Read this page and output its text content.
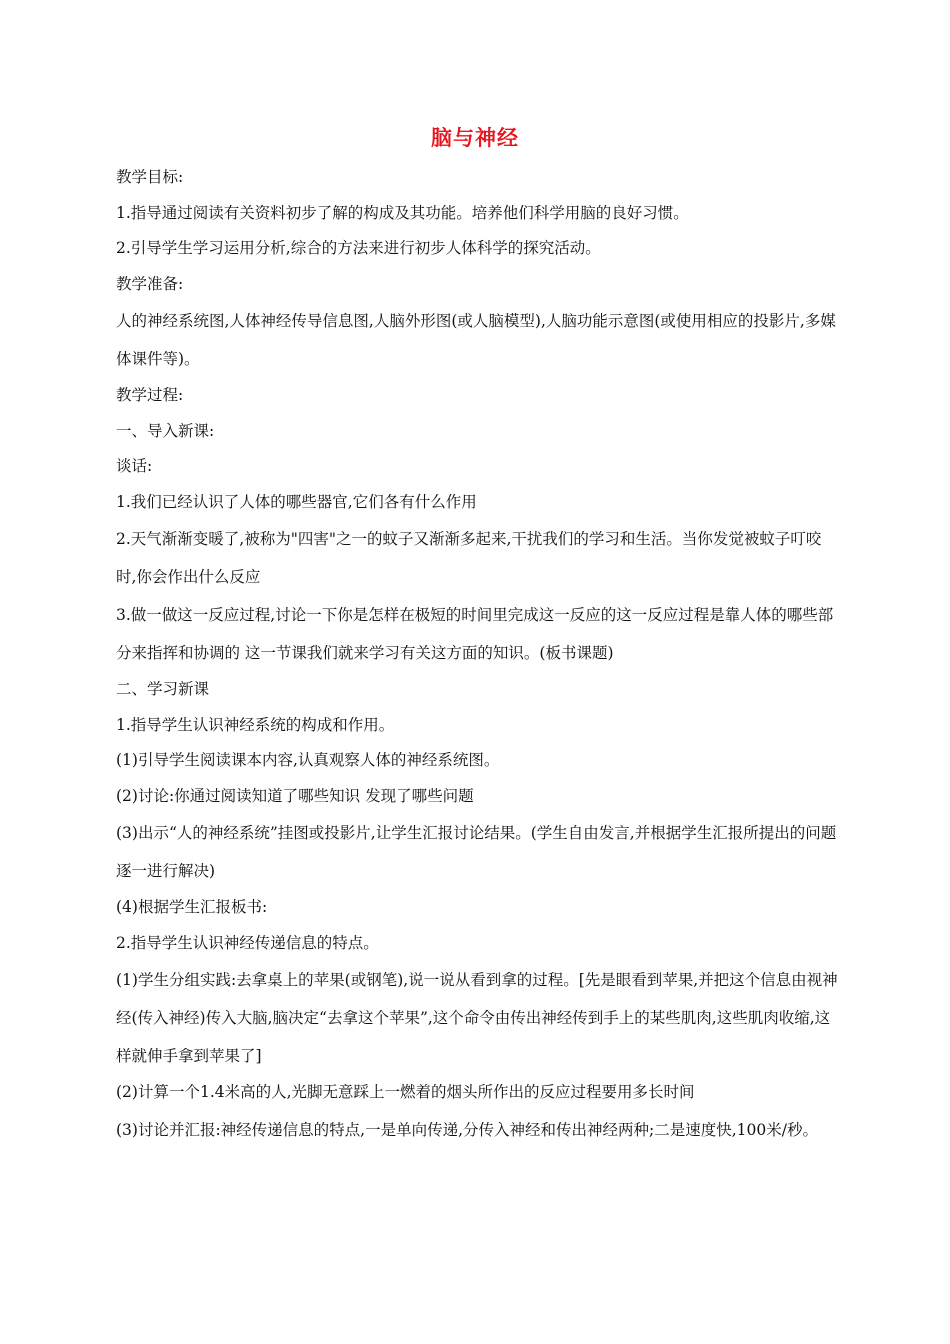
脑与神经

教学目标:

1.指导通过阅读有关资料初步了解的构成及其功能。培养他们科学用脑的良好习惯。

2.引导学生学习运用分析,综合的方法来进行初步人体科学的探究活动。

教学准备:

人的神经系统图,人体神经传导信息图,人脑外形图(或人脑模型),人脑功能示意图(或使用相应的投影片,多媒体课件等)。

教学过程:

一、导入新课:

谈话:

1.我们已经认识了人体的哪些器官,它们各有什么作用

2.天气渐渐变暖了,被称为"四害"之一的蚊子又渐渐多起来,干扰我们的学习和生活。当你发觉被蚊子叮咬时,你会作出什么反应

3.做一做这一反应过程,讨论一下你是怎样在极短的时间里完成这一反应的这一反应过程是靠人体的哪些部分来指挥和协调的 这一节课我们就来学习有关这方面的知识。(板书课题)

二、学习新课

1.指导学生认识神经系统的构成和作用。

(1)引导学生阅读课本内容,认真观察人体的神经系统图。

(2)讨论:你通过阅读知道了哪些知识 发现了哪些问题

(3)出示“人的神经系统”挂图或投影片,让学生汇报讨论结果。(学生自由发言,并根据学生汇报所提出的问题逐一进行解决)

(4)根据学生汇报板书:

2.指导学生认识神经传递信息的特点。

(1)学生分组实践:去拿桌上的苹果(或钢笔),说一说从看到拿的过程。[先是眼看到苹果,并把这个信息由视神经(传入神经)传入大脑,脑决定“去拿这个苹果”,这个命令由传出神经传到手上的某些肌肉,这些肌肉收缩,这样就伸手拿到苹果了]

(2)计算一个1.4米高的人,光脚无意踩上一燃着的烟头所作出的反应过程要用多长时间

(3)讨论并汇报:神经传递信息的特点,一是单向传递,分传入神经和传出神经两种;二是速度快,100米/秒。
